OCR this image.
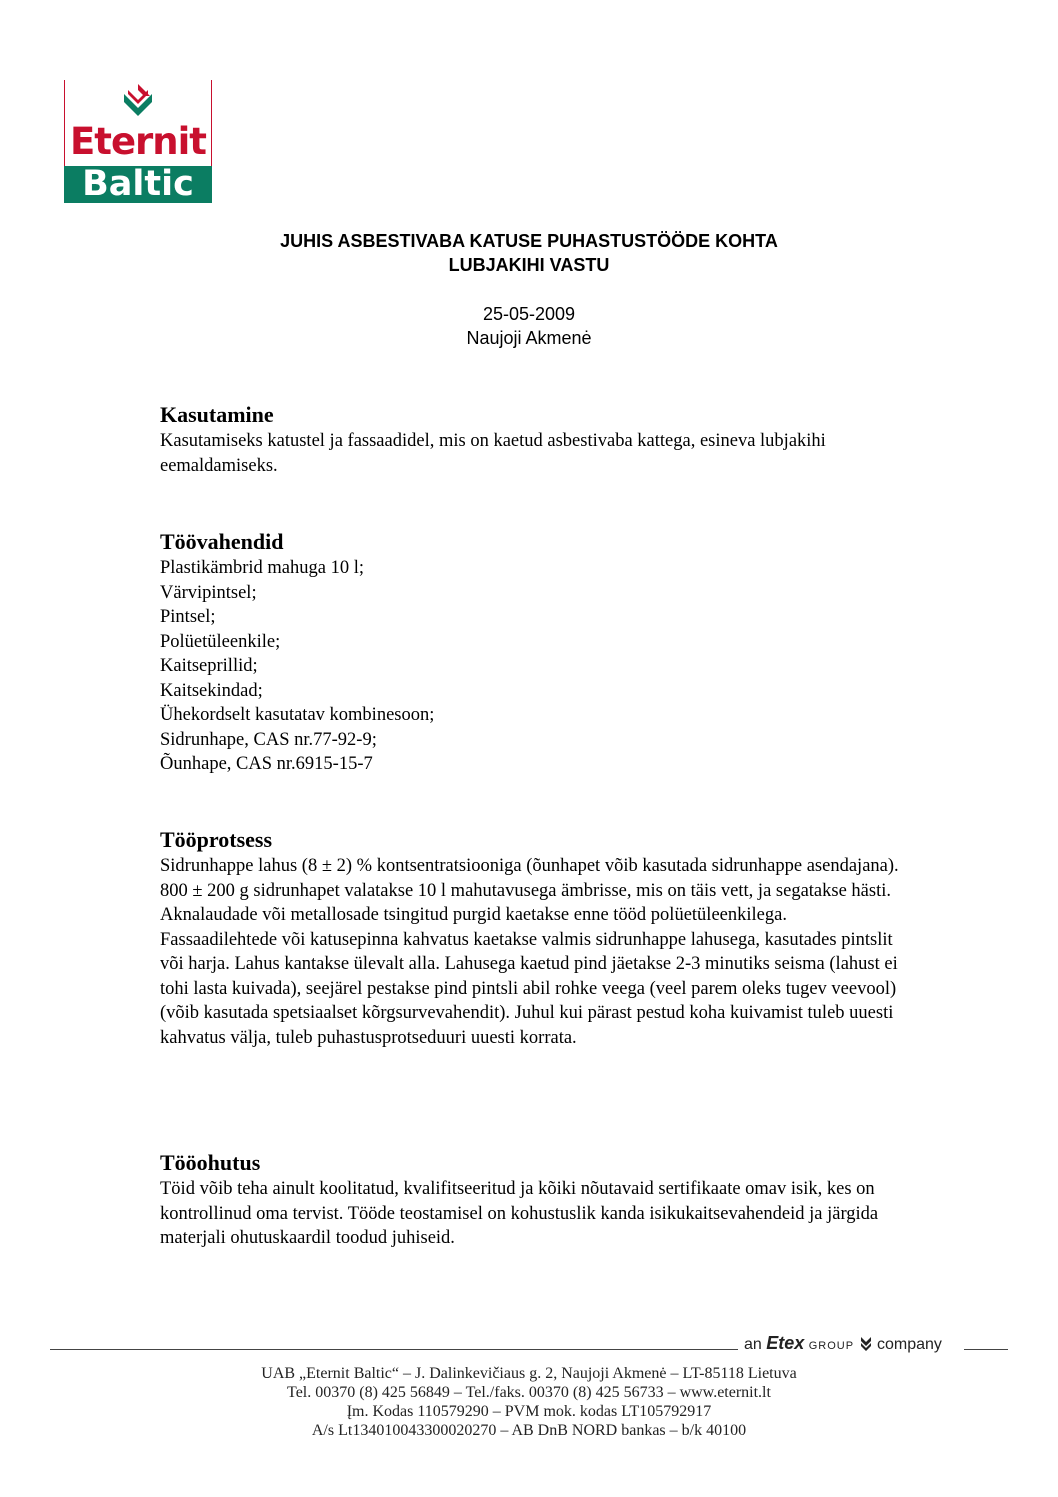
Eternit
Baltic
JUHIS ASBESTIVABA KATUSE PUHASTUSTÖÖDE KOHTA
LUBJAKIHI VASTU
25-05-2009
Naujoji Akmenė
Kasutamine
Kasutamiseks katustel ja fassaadidel, mis on kaetud asbestivaba kattega, esineva lubjakihi eemaldamiseks.
Töövahendid
Plastikämbrid mahuga 10 l;
Värvipintsel;
Pintsel;
Polüetüleenkile;
Kaitseprillid;
Kaitsekindad;
Ühekordselt kasutatav kombinesoon;
Sidrunhape, CAS nr.77-92-9;
Õunhape, CAS nr.6915-15-7
Tööprotsess
Sidrunhappe lahus (8 ± 2) % kontsentratsiooniga (õunhapet võib kasutada sidrunhappe asendajana). 800 ± 200 g sidrunhapet valatakse 10 l mahutavusega ämbrisse, mis on täis vett, ja segatakse hästi. Aknalaudade või metallosade tsingitud purgid kaetakse enne tööd polüetüleenkilega. Fassaadilehtede või katusepinna kahvatus kaetakse valmis sidrunhappe lahusega, kasutades pintslit või harja. Lahus kantakse ülevalt alla. Lahusega kaetud pind jäetakse 2-3 minutiks seisma (lahust ei tohi lasta kuivada), seejärel pestakse pind pintsli abil rohke veega (veel parem oleks tugev veevool) (võib kasutada spetsiaalset kõrgsurvevahendit). Juhul kui pärast pestud koha kuivamist tuleb uuesti kahvatus välja, tuleb puhastusprotseduuri uuesti korrata.
Tööohutus
Töid võib teha ainult koolitatud, kvalifitseeritud ja kõiki nõutavaid sertifikaate omav isik, kes on kontrollinud oma tervist. Tööde teostamisel on kohustuslik kanda isikukaitsevahendeid ja järgida materjali ohutuskaardil toodud juhiseid.
an Etex GROUP company
UAB „Eternit Baltic“ – J. Dalinkevičiaus g. 2, Naujoji Akmenė – LT-85118 Lietuva
Tel. 00370 (8) 425 56849 – Tel./faks. 00370 (8) 425 56733 – www.eternit.lt
Įm. Kodas 110579290 – PVM mok. kodas LT105792917
A/s Lt134010043300020270 – AB DnB NORD bankas – b/k 40100
